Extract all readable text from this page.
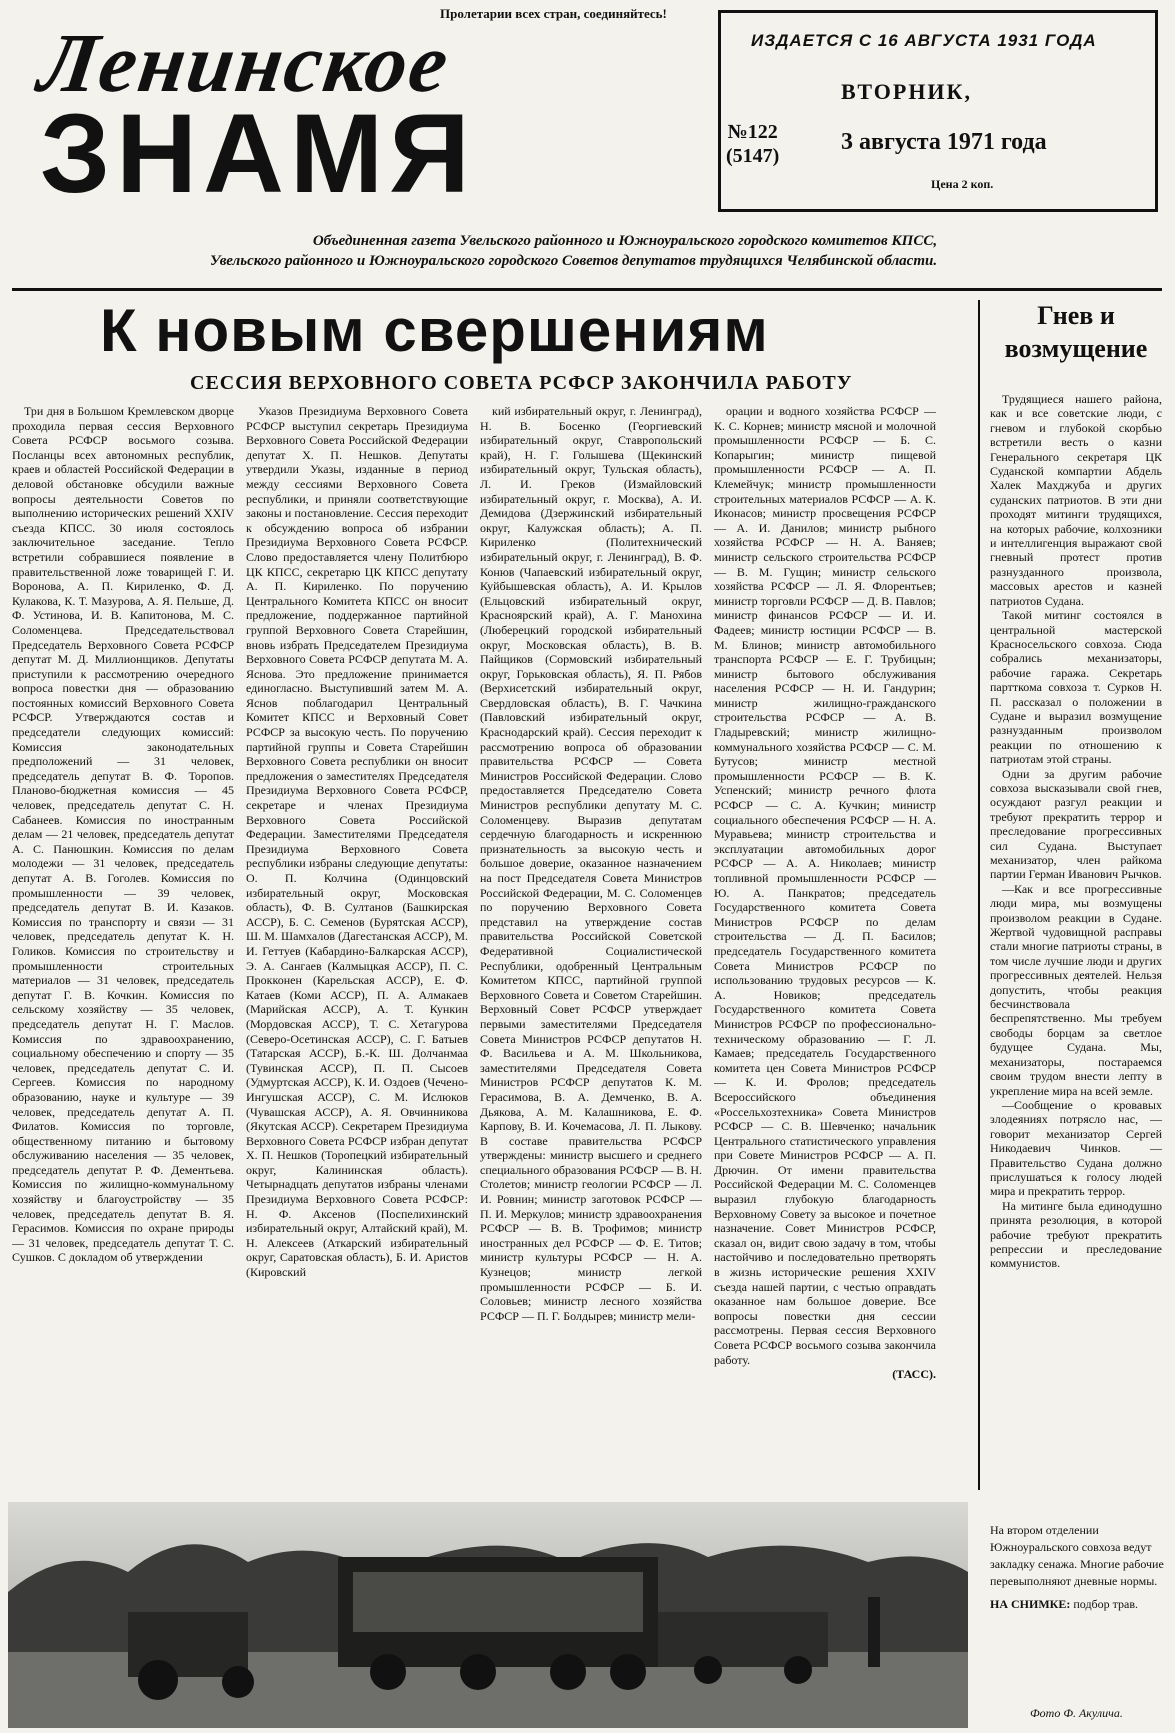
Пролетарии всех стран, соединяйтесь!
Ленинское
ЗНАМЯ	№122
(5147)
ИЗДАЕТСЯ С 16 АВГУСТА 1931 ГОДА
ВТОРНИК,
3 августа 1971 года
Цена 2 коп.
Объединенная газета Увельского районного и Южноуральского городского комитетов КПСС,
Увельского районного и Южноуральского городского Советов депутатов трудящихся Челябинской области.
К новым свершениям
СЕССИЯ ВЕРХОВНОГО СОВЕТА РСФСР ЗАКОНЧИЛА РАБОТУ

Три дня в Большом Кремлевском дворце проходила первая сессия Верховного Совета РСФСР восьмого созыва. Посланцы всех автономных республик, краев и областей Российской Федерации в деловой обстановке обсудили важные вопросы деятельности Советов по выполнению исторических решений XXIV съезда КПСС. 30 июля состоялось заключительное заседание. Тепло встретили собравшиеся появление в правительственной ложе товарищей Г. И. Воронова, А. П. Кириленко, Ф. Д. Кулакова, К. Т. Мазурова, А. Я. Пельше, Д. Ф. Устинова, И. В. Капитонова, М. С. Соломенцева. Председательствовал Председатель Верховного Совета РСФСР депутат М. Д. Миллионщиков. Депутаты приступили к рассмотрению очередного вопроса повестки дня — образованию постоянных комиссий Верховного Совета РСФСР. Утверждаются состав и председатели следующих комиссий: Комиссия законодательных предположений — 31 человек, председатель депутат В. Ф. Торопов. Планово-бюджетная комиссия — 45 человек, председатель депутат С. Н. Сабанеев. Комиссия по иностранным делам — 21 человек, председатель депутат А. С. Панюшкин. Комиссия по делам молодежи — 31 человек, председатель депутат А. В. Гоголев. Комиссия по промышленности — 39 человек, председатель депутат В. И. Казаков. Комиссия по транспорту и связи — 31 человек, председатель депутат К. Н. Голиков. Комиссия по строительству и промышленности строительных материалов — 31 человек, председатель депутат Г. В. Кочкин. Комиссия по сельскому хозяйству — 35 человек, председатель депутат Н. Г. Маслов. Комиссия по здравоохранению, социальному обеспечению и спорту — 35 человек, председатель депутат С. И. Сергеев. Комиссия по народному образованию, науке и культуре — 39 человек, председатель депутат А. П. Филатов. Комиссия по торговле, общественному питанию и бытовому обслуживанию населения — 35 человек, председатель депутат Р. Ф. Дементьева. Комиссия по жилищно-коммунальному хозяйству и благоустройству — 35 человек, председатель депутат В. Я. Герасимов. Комиссия по охране природы — 31 человек, председатель депутат Т. С. Сушков. С докладом об утверждении

Указов Президиума Верховного Совета РСФСР выступил секретарь Президиума Верховного Совета Российской Федерации депутат Х. П. Нешков. Депутаты утвердили Указы, изданные в период между сессиями Верховного Совета республики, и приняли соответствующие законы и постановление. Сессия переходит к обсуждению вопроса об избрании Президиума Верховного Совета РСФСР. Слово предоставляется члену Политбюро ЦК КПСС, секретарю ЦК КПСС депутату А. П. Кириленко. По поручению Центрального Комитета КПСС он вносит предложение, поддержанное партийной группой Верховного Совета Старейшин, вновь избрать Председателем Президиума Верховного Совета РСФСР депутата М. А. Яснова. Это предложение принимается единогласно. Выступивший затем М. А. Яснов поблагодарил Центральный Комитет КПСС и Верховный Совет РСФСР за высокую честь. По поручению партийной группы и Совета Старейшин Верховного Совета республики он вносит предложения о заместителях Председателя Президиума Верховного Совета РСФСР, секретаре и членах Президиума Верховного Совета Российской Федерации. Заместителями Председателя Президиума Верховного Совета республики избраны следующие депутаты: О. П. Колчина (Одинцовский избирательный округ, Московская область), Ф. В. Султанов (Башкирская АССР), Б. С. Семенов (Бурятская АССР), Ш. М. Шамхалов (Дагестанская АССР), М. И. Геттуев (Кабардино-Балкарская АССР), Э. А. Сангаев (Калмыцкая АССР), П. С. Прокконен (Карельская АССР), Е. Ф. Катаев (Коми АССР), П. А. Алмакаев (Марийская АССР), А. Т. Кункин (Мордовская АССР), Т. С. Хетагурова (Северо-Осетинская АССР), С. Г. Батыев (Татарская АССР), Б.-К. Ш. Долчанмаа (Тувинская АССР), П. П. Сысоев (Удмуртская АССР), К. И. Оздоев (Чечено-Ингушская АССР), С. М. Ислюков (Чувашская АССР), А. Я. Овчинникова (Якутская АССР). Секретарем Президиума Верховного Совета РСФСР избран депутат Х. П. Нешков (Торопецкий избирательный округ, Калининская область). Четырнадцать депутатов избраны членами Президиума Верховного Совета РСФСР: Н. Ф. Аксенов (Поспелихинский избирательный округ, Алтайский край), М. Н. Алексеев (Аткарский избирательный округ, Саратовская область), Б. И. Аристов (Кировский

кий избирательный округ, г. Ленинград), Н. В. Босенко (Георгиевский избирательный округ, Ставропольский край), Н. Г. Голышева (Щекинский избирательный округ, Тульская область), Л. И. Греков (Измайловский избирательный округ, г. Москва), А. И. Демидова (Дзержинский избирательный округ, Калужская область); А. П. Кириленко (Политехнический избирательный округ, г. Ленинград), В. Ф. Конюв (Чапаевский избирательный округ, Куйбышевская область), А. И. Крылов (Ельцовский избирательный округ, Красноярский край), А. Г. Манохина (Люберецкий городской избирательный округ, Московская область), В. В. Пайщиков (Сормовский избирательный округ, Горьковская область), Я. П. Рябов (Верхисетский избирательный округ, Свердловская область), В. Г. Чачкина (Павловский избирательный округ, Краснодарский край). Сессия переходит к рассмотрению вопроса об образовании правительства РСФСР — Совета Министров Российской Федерации. Слово предоставляется Председателю Совета Министров республики депутату М. С. Соломенцеву. Выразив депутатам сердечную благодарность и искреннюю признательность за высокую честь и большое доверие, оказанное назначением на пост Председателя Совета Министров Российской Федерации, М. С. Соломенцев по поручению Верховного Совета представил на утверждение состав правительства Российской Советской Федеративной Социалистической Республики, одобренный Центральным Комитетом КПСС, партийной группой Верховного Совета и Советом Старейшин. Верховный Совет РСФСР утверждает первыми заместителями Председателя Совета Министров РСФСР депутатов Н. Ф. Васильева и А. М. Школьникова, заместителями Председателя Совета Министров РСФСР депутатов К. М. Герасимова, В. А. Демченко, В. А. Дьякова, А. М. Калашникова, Е. Ф. Карпову, В. И. Кочемасова, Л. П. Лыкову. В составе правительства РСФСР утверждены: министр высшего и среднего специального образования РСФСР — В. Н. Столетов; министр геологии РСФСР — Л. И. Ровнин; министр заготовок РСФСР — П. И. Меркулов; министр здравоохранения РСФСР — В. В. Трофимов; министр иностранных дел РСФСР — Ф. Е. Титов; министр культуры РСФСР — Н. А. Кузнецов; министр легкой промышленности РСФСР — Б. И. Соловьев; министр лесного хозяйства РСФСР — П. Г. Болдырев; министр мели-

орации и водного хозяйства РСФСР — К. С. Корнев; министр мясной и молочной промышленности РСФСР — Б. С. Копарыгин; министр пищевой промышленности РСФСР — А. П. Клемейчук; министр промышленности строительных материалов РСФСР — А. К. Иконасов; министр просвещения РСФСР — А. И. Данилов; министр рыбного хозяйства РСФСР — Н. А. Ваняев; министр сельского строительства РСФСР — В. М. Гущин; министр сельского хозяйства РСФСР — Л. Я. Флорентьев; министр торговли РСФСР — Д. В. Павлов; министр финансов РСФСР — И. И. Фадеев; министр юстиции РСФСР — В. М. Блинов; министр автомобильного транспорта РСФСР — Е. Г. Трубицын; министр бытового обслуживания населения РСФСР — Н. И. Гандурин; министр жилищно-гражданского строительства РСФСР — А. В. Гладыревский; министр жилищно-коммунального хозяйства РСФСР — С. М. Бутусов; министр местной промышленности РСФСР — В. К. Успенский; министр речного флота РСФСР — С. А. Кучкин; министр социального обеспечения РСФСР — Н. А. Муравьева; министр строительства и эксплуатации автомобильных дорог РСФСР — А. А. Николаев; министр топливной промышленности РСФСР — Ю. А. Панкратов; председатель Государственного комитета Совета Министров РСФСР по делам строительства — Д. П. Басилов; председатель Государственного комитета Совета Министров РСФСР по использованию трудовых ресурсов — К. А. Новиков; председатель Государственного комитета Совета Министров РСФСР по профессионально-техническому образованию — Г. Л. Камаев; председатель Государственного комитета цен Совета Министров РСФСР — К. И. Фролов; председатель Всероссийского объединения «Россельхозтехника» Совета Министров РСФСР — С. В. Шевченко; начальник Центрального статистического управления при Совете Министров РСФСР — А. П. Дрючин. От имени правительства Российской Федерации М. С. Соломенцев выразил глубокую благодарность Верховному Совету за высокое и почетное назначение. Совет Министров РСФСР, сказал он, видит свою задачу в том, чтобы настойчиво и последовательно претворять в жизнь исторические решения XXIV съезда нашей партии, с честью оправдать оказанное нам большое доверие. Все вопросы повестки дня сессии рассмотрены. Первая сессия Верховного Совета РСФСР восьмого созыва закончила работу.

(ТАСС).
Гнев и
возмущение

Трудящиеся нашего района, как и все советские люди, с гневом и глубокой скорбью встретили весть о казни Генерального секретаря ЦК Суданской компартии Абдель Халек Махджуба и других суданских патриотов. В эти дни проходят митинги трудящихся, на которых рабочие, колхозники и интеллигенция выражают свой гневный протест против разнузданного произвола, массовых арестов и казней патриотов Судана.

Такой митинг состоялся в центральной мастерской Красносельского совхоза. Сюда собрались механизаторы, рабочие гаража. Секретарь партткома совхоза т. Сурков Н. П. рассказал о положении в Судане и выразил возмущение разнузданным произволом реакции по отношению к патриотам этой страны.

Одни за другим рабочие совхоза высказывали свой гнев, осуждают разгул реакции и требуют прекратить террор и преследование прогрессивных сил Судана. Выступает механизатор, член райкома партии Герман Иванович Рычков.

—Как и все прогрессивные люди мира, мы возмущены произволом реакции в Судане. Жертвой чудовищной расправы стали многие патриоты страны, в том числе лучшие люди и других прогрессивных деятелей. Нельзя допустить, чтобы реакция бесчинствовала беспрепятственно. Мы требуем свободы борцам за светлое будущее Судана. Мы, механизаторы, постараемся своим трудом внести лепту в укрепление мира на всей земле.

—Сообщение о кровавых злодеяниях потрясло нас, — говорит механизатор Сергей Никодаевич Чинков. — Правительство Судана должно прислушаться к голосу людей мира и прекратить террор.

На митинге была единодушно принята резолюция, в которой рабочие требуют прекратить репрессии и преследование коммунистов.

На втором отделении Южноуральского совхоза ведут закладку сенажа. Многие рабочие перевыполняют дневные нормы.

НА СНИМКЕ: подбор трав.

Фото Ф. Акулича.
